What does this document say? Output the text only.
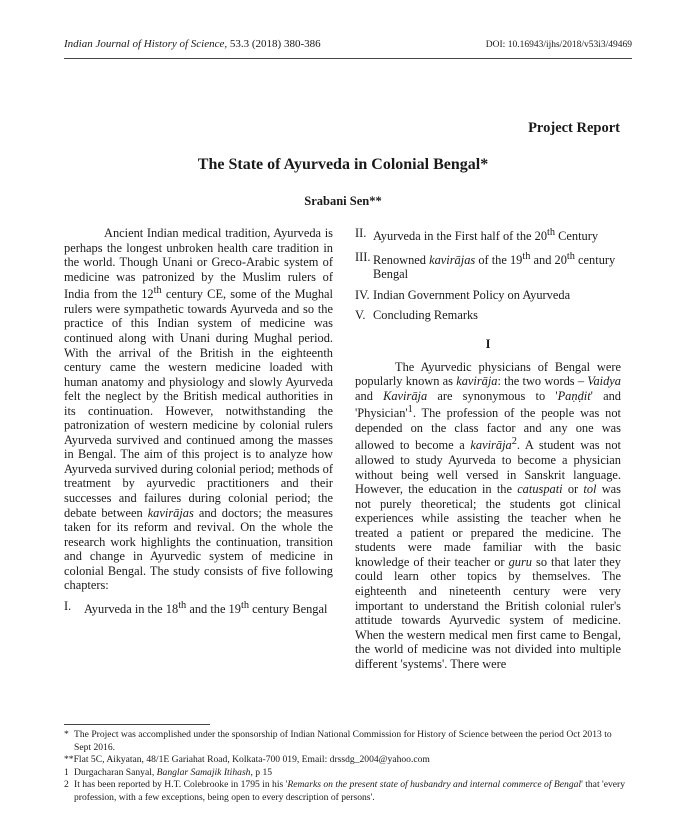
Indian Journal of History of Science, 53.3 (2018) 380-386	DOI: 10.16943/ijhs/2018/v53i3/49469
Project Report
The State of Ayurveda in Colonial Bengal*
Srabani Sen**

Ancient Indian medical tradition, Ayurveda is perhaps the longest unbroken health care tradition in the world. Though Unani or Greco-Arabic system of medicine was patronized by the Muslim rulers of India from the 12th century CE, some of the Mughal rulers were sympathetic towards Ayurveda and so the practice of this Indian system of medicine was continued along with Unani during Mughal period. With the arrival of the British in the eighteenth century came the western medicine loaded with human anatomy and physiology and slowly Ayurveda felt the neglect by the British medical authorities in its continuation. However, notwithstanding the patronization of western medicine by colonial rulers Ayurveda survived and continued among the masses in Bengal. The aim of this project is to analyze how Ayurveda survived during colonial period; methods of treatment by ayurvedic practitioners and their successes and failures during colonial period; the debate between kavirājas and doctors; the measures taken for its reform and revival. On the whole the research work highlights the continuation, transition and change in Ayurvedic system of medicine in colonial Bengal. The study consists of five following chapters:

I.	Ayurveda in the 18th and the 19th century Bengal
II. Ayurveda in the First half of the 20th Century
III. Renowned kavirājas of the 19th and 20th century Bengal
IV. Indian Government Policy on Ayurveda
V. Concluding Remarks
I

The Ayurvedic physicians of Bengal were popularly known as kavirāja: the two words – Vaidya and Kavirāja are synonymous to 'Paṇḍit' and '$Physician'^1$. The profession of the people was not depended on the class factor and any one was allowed to become a kavirāja$^2$. A student was not allowed to study Ayurveda to become a physician without being well versed in Sanskrit language. However, the education in the catuspati or tol was not purely theoretical; the students got clinical experiences while assisting the teacher when he treated a patient or prepared the medicine. The students were made familiar with the basic knowledge of their teacher or guru so that later they could learn other topics by themselves. The eighteenth and nineteenth century were very important to understand the British colonial ruler's attitude towards Ayurvedic system of medicine. When the western medical men first came to Bengal, the world of medicine was not divided into multiple different 'systems'. There were

* The Project was accomplished under the sponsorship of Indian National Commission for History of Science between the period Oct 2013 to Sept 2016.
**Flat 5C, Aikyatan, 48/1E Gariahat Road, Kolkata-700 019, Email: drssdg_2004@yahoo.com
1 Durgacharan Sanyal, Banglar Samajik Itihash, p 15
2 It has been reported by H.T. Colebrooke in 1795 in his 'Remarks on the present state of husbandry and internal commerce of Bengal' that 'every profession, with a few exceptions, being open to every description of persons'.
